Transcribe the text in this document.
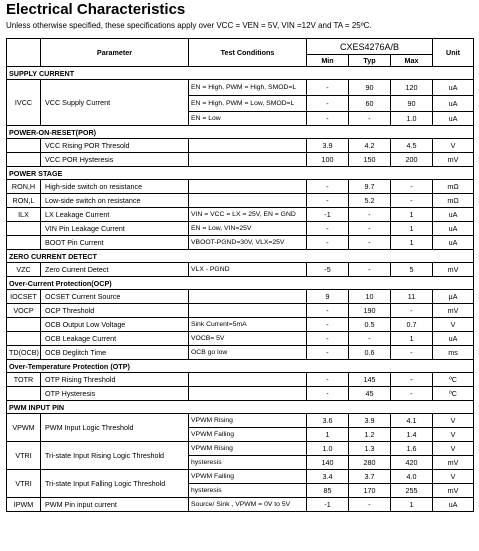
Electrical Characteristics
Unless otherwise specified, these specifications apply over VCC = VEN = 5V, VIN =12V and TA = 25ºC.
	Parameter	Test Conditions	CXES4276A/B			Unit
			Min	Typ	Max	
SUPPLY CURRENT						
IVCC	VCC Supply Current	EN = High, PWM = High, SMOD=L	-	90	120	uA
		EN = High, PWM = Low, SMOD=L	-	60	90	uA
		EN = Low	-	-	1.0	uA
POWER-ON-RESET(POR)						
	VCC Rising POR Thresold		3.9	4.2	4.5	V
	VCC POR Hysteresis		100	150	200	mV
POWER STAGE						
RON,H	High-side switch on resistance		-	9.7	-	mΩ
RON,L	Low-side switch on resistance		-	5.2	-	mΩ
ILX	LX Leakage Current	VIN = VCC = LX = 25V, EN = GND	-1	-	1	uA
	VIN Pin Leakage Current	EN = Low, VIN=25V	-	-	1	uA
	BOOT Pin Current	VBOOT-PGND=30V, VLX=25V	-	-	1	uA
ZERO CURRENT DETECT						
VZC	Zero Current Detect	VLX - PGND	-5	-	5	mV
Over-Current Protection(OCP)						
IOCSET	OCSET Current Source		9	10	11	μA
VOCP	OCP Threshold		-	190	-	mV
	OCB Output Low Voltage	Sink Current=5mA	-	0.5	0.7	V
	OCB Leakage Current	VOCB= 5V	-	-	1	uA
TD(OCB)	OCB Deglitch Time	OCB go low	-	0.6	-	ms
Over-Temperature Protection (OTP)						
TOTR	OTP Rising Threshold		-	145	-	ºC
	OTP Hysteresis		-	45	-	ºC
PWM INPUT PIN						
VPWM	PWM Input Logic Threshold	VPWM Rising	3.6	3.9	4.1	V
		VPWM Falling	1	1.2	1.4	V
VTRI	Tri-state Input Rising Logic Threshold	VPWM Rising	1.0	1.3	1.6	V
		hysteresis	140	280	420	mV
VTRI	Tri-state Input Falling Logic Threshold	VPWM Falling	3.4	3.7	4.0	V
		hysteresis	85	170	255	mV
IPWM	PWM Pin input current	Source/ Sink , VPWM = 0V to 5V	-1	-	1	uA
